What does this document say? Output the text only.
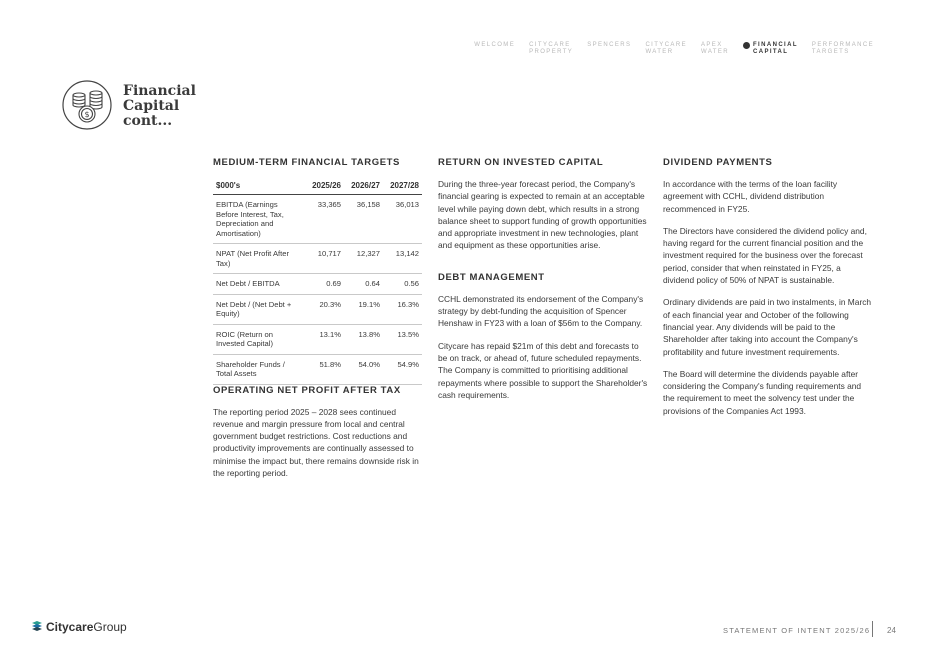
WELCOME CITYCARE
PROPERTY
SPENCERS CITYCARE
WATER
APEX
WATER
FINANCIAL
CAPITAL
PERFORMANCE
TARGETS
$
Financial
Capital
cont...
MEDIUM-TERM FINANCIAL TARGETS
$000's	2025/26	2026/27	2027/28
EBITDA (Earnings Before Interest, Tax, Depreciation and Amortisation)	33,365	36,158	36,013
NPAT (Net Profit After Tax)	10,717	12,327	13,142
Net Debt / EBITDA	0.69	0.64	0.56
Net Debt / (Net Debt + Equity)	20.3%	19.1%	16.3%
ROIC (Return on Invested Capital)	13.1%	13.8%	13.5%
Shareholder Funds / Total Assets	51.8%	54.0%	54.9%
OPERATING NET PROFIT AFTER TAX

The reporting period 2025 – 2028 sees continued revenue and margin pressure from local and central government budget restrictions. Cost reductions and productivity improvements are continually assessed to minimise the impact but, there remains downside risk in the reporting period.

RETURN ON INVESTED CAPITAL

During the three-year forecast period, the Company's financial gearing is expected to remain at an acceptable level while paying down debt, which results in a strong balance sheet to support funding of growth opportunities and appropriate investment in new technologies, plant and equipment as these opportunities arise.

DEBT MANAGEMENT

CCHL demonstrated its endorsement of the Company's strategy by debt-funding the acquisition of Spencer Henshaw in FY23 with a loan of $56m to the Company.

Citycare has repaid $21m of this debt and forecasts to be on track, or ahead of, future scheduled repayments. The Company is committed to prioritising additional repayments where possible to support the Shareholder's cash requirements.

DIVIDEND PAYMENTS

In accordance with the terms of the loan facility agreement with CCHL, dividend distribution recommenced in FY25.

The Directors have considered the dividend policy and, having regard for the current financial position and the investment required for the business over the forecast period, consider that when reinstated in FY25, a dividend policy of 50% of NPAT is sustainable.

Ordinary dividends are paid in two instalments, in March of each financial year and October of the following financial year. Any dividends will be paid to the Shareholder after taking into account the Company's profitability and future investment requirements.

The Board will determine the dividends payable after considering the Company's funding requirements and the requirement to meet the solvency test under the provisions of the Companies Act 1993.

Citycare Group	STATEMENT OF INTENT 2025/26 24
